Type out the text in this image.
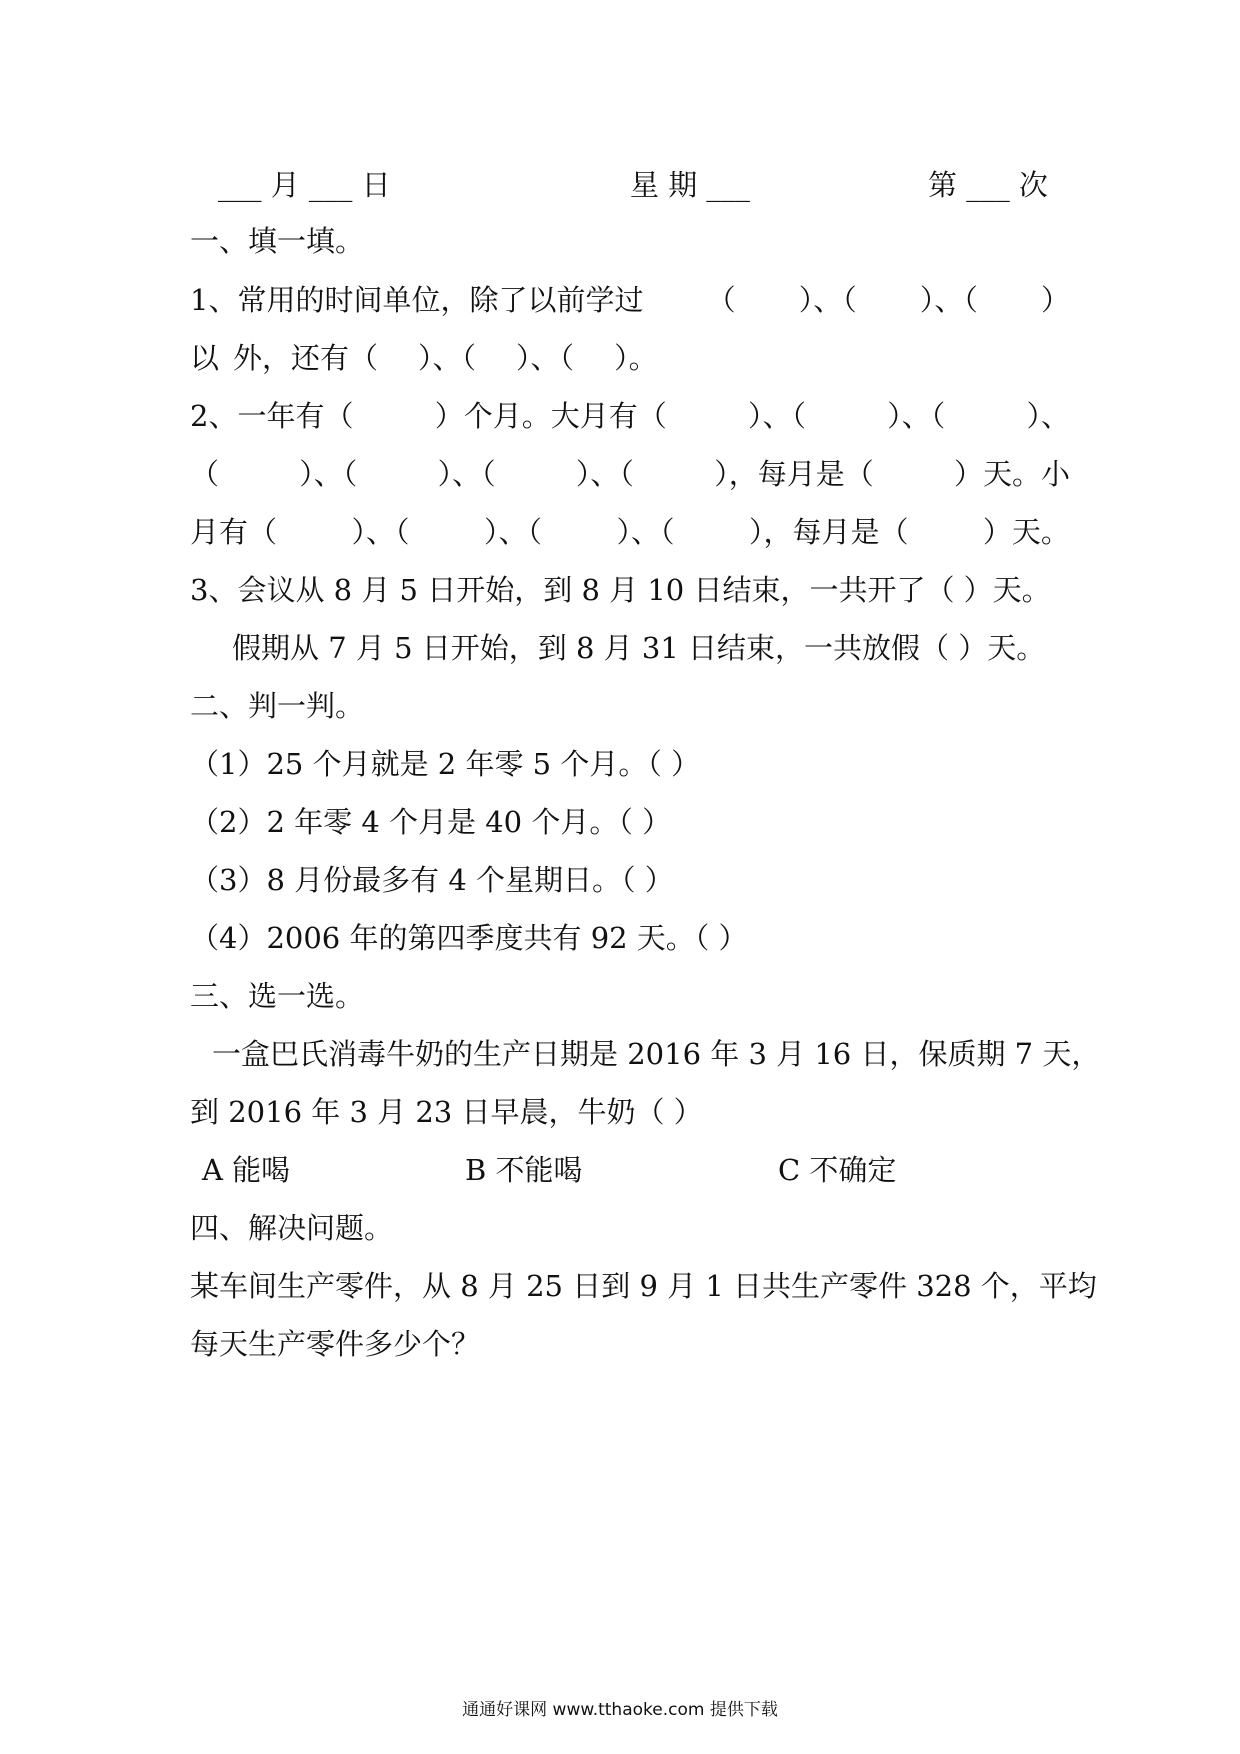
___ 月 ___ 日	星 期 ___	第 ___ 次
一、填一填。
1、常用的时间单位，除了以前学过 （ ）、（ ）、（ ）
以 外，还有（ ）、（ ）、（ ）。
2、一年有（	）个月。大月有（	）、（	）、（	）、
（	）、（	）、（	）、（	），每月是（	）天。小
月有（	）、（	）、（	）、（	），每月是（	）天。
3、会议从 8 月 5 日开始，到 8 月 10 日结束，一共开了（ ）天。
假期从 7 月 5 日开始，到 8 月 31 日结束，一共放假（ ）天。
二、判一判。
（1）25 个月就是 2 年零 5 个月。（ ）
（2）2 年零 4 个月是 40 个月。（ ）
（3）8 月份最多有 4 个星期日。（ ）
（4）2006 年的第四季度共有 92 天。（ ）
三、选一选。
一盒巴氏消毒牛奶的生产日期是 2016 年 3 月 16 日，保质期 7 天，
到 2016 年 3 月 23 日早晨，牛奶（ ）
A 能喝	B 不能喝	C 不确定
四、解决问题。
某车间生产零件，从 8 月 25 日到 9 月 1 日共生产零件 328 个，平均
每天生产零件多少个？
通通好课网 www.tthaoke.com 提供下载
